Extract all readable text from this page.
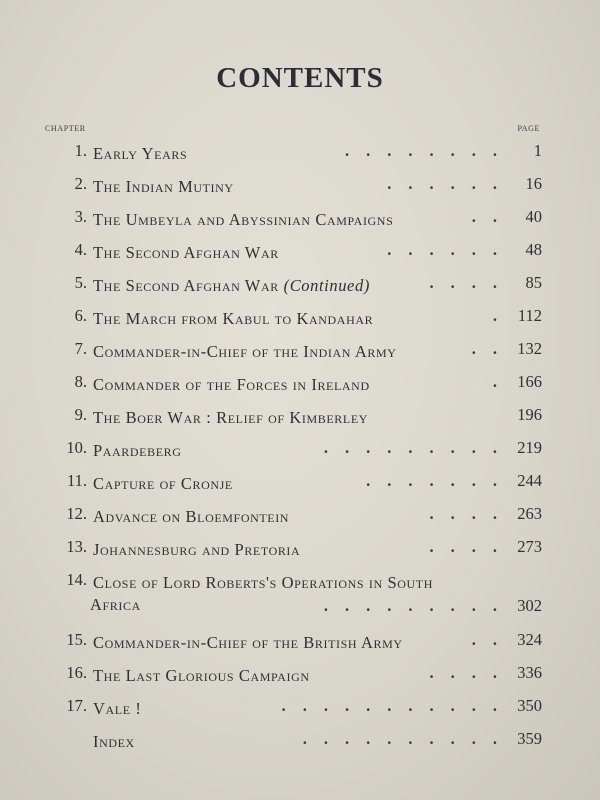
CONTENTS
CHAPTER	PAGE
1. Early Years	........	1
2. The Indian Mutiny	...... 16
3. The Umbeyla and Abyssinian Campaigns	.. 40
4. The Second Afghan War	...... 48
5. The Second Afghan War (Continued)	.... 85
6. The March from Kabul to Kandahar	. 112
7. Commander-in-Chief of the Indian Army	.. 132
8. Commander of the Forces in Ireland	. 166
9. The Boer War : Relief of Kimberley	196
10. Paardeberg	......... 219
11. Capture of Cronje	....... 244
12. Advance on Bloemfontein	.... 263
13. Johannesburg and Pretoria	.... 273
14. Close of Lord Roberts's Operations in South
Africa	......... 302
15. Commander-in-Chief of the British Army	.. 324
16. The Last Glorious Campaign	.... 336
17. Vale !	........... 350
Index	.......... 359
